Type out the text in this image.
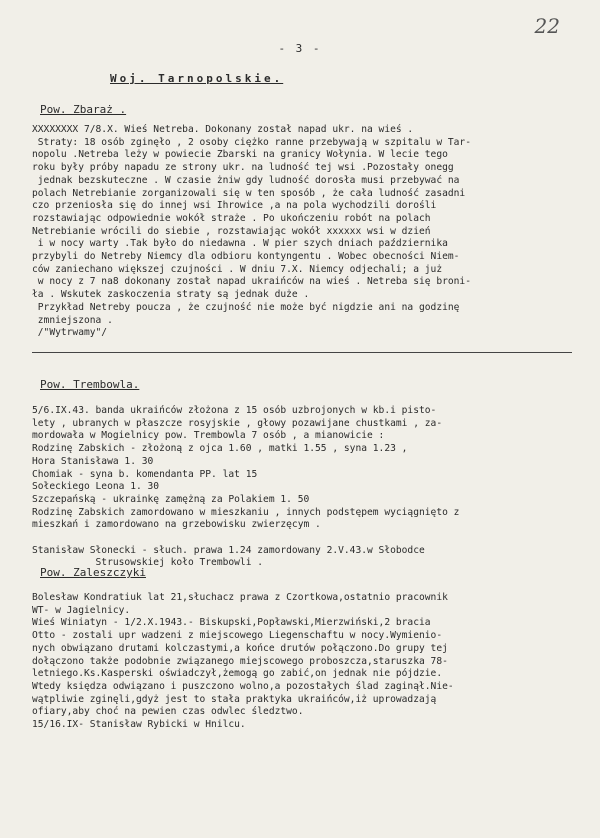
22
- 3 -
Woj. Tarnopolskie.
Pow. Zbaraż .
XXXXXXXX 7/8.X. Wieś Netreba. Dokonany został napad ukr. na wieś .
Straty: 18 osób zginęło , 2 osoby ciężko ranne przebywają w szpitalu w Tar-
nopolu .Netreba leży w powiecie Zbarski na granicy Wołynia. W lecie tego
roku były próby napadu ze strony ukr. na ludność tej wsi .Pozostały onegg
jednak bezskuteczne . W czasie żniw gdy ludność dorosła musi przebywać na
polach Netrebianie zorganizowali się w ten sposób , że cała ludność zasadni
czo przeniosła się do innej wsi Ihrowice ,a na pola wychodzili dorośli
rozstawiając odpowiednie wokół straże . Po ukończeniu robót na polach
Netrebianie wrócili do siebie , rozstawiając wokół xxxxxx wsi w dzień
i w nocy warty .Tak było do niedawna . W pier szych dniach października
przybyli do Netreby Niemcy dla odbioru kontyngentu . Wobec obecności Niem-
ców zaniechano większej czujności . W dniu 7.X. Niemcy odjechali; a już
w nocy z 7 na8 dokonany został napad ukraińców na wieś . Netreba się broni-
ła . Wskutek zaskoczenia straty są jednak duże .
Przykład Netreby poucza , że czujność nie może być nigdzie ani na godzinę
zmniejszona .
/"Wytrwamy"/
Pow. Trembowla.
5/6.IX.43. banda ukraińców złożona z 15 osób uzbrojonych w kb.i pisto-
lety , ubranych w płaszcze rosyjskie , głowy pozawijane chustkami , za-
mordowała w Mogielnicy pow. Trembowla 7 osób , a mianowicie :
Rodzinę Żabskich - złożoną z ojca 1.60 , matki 1.55 , syna 1.23 ,
Hora Stanisława 1. 30
Chomiak - syna b. komendanta PP. lat 15
Sołeckiego Leona 1. 30
Szczepańską - ukrainkę zamężną za Polakiem 1. 50
Rodzinę Żabskich zamordowano w mieszkaniu , innych podstępem wyciągnięto z
mieszkań i zamordowano na grzebowisku zwierzęcym .
Stanisław Słonecki - słuch. prawa 1.24 zamordowany 2.V.43.w Słobodce
Strusowskiej koło Trembowli .
Pow. Zaleszczyki
Bolesław Kondratiuk lat 21,słuchacz prawa z Czortkowa,ostatnio pracownik
WT- w Jagielnicy.
Wieś Winiatyn - 1/2.X.1943.- Biskupski,Popławski,Mierzwiński,2 bracia
Otto - zostali upr wadzeni z miejscowego Liegenschaftu w nocy.Wymienio-
nych obwiązano drutami kolczastymi,a końce drutów połączono.Do grupy tej
dołączono także podobnie związanego miejscowego proboszcza,staruszka 78-
letniego.Ks.Kasperski oświadczył,żemogą go zabić,on jednak nie pójdzie.
Wtedy księdza odwiązano i puszczono wolno,a pozostałych ślad zaginął.Nie-
wątpliwie zginęli,gdyż jest to stała praktyka ukraińców,iż uprowadzają
ofiary,aby choć na pewien czas odwlec śledztwo.
15/16.IX- Stanisław Rybicki w Hnilcu.
